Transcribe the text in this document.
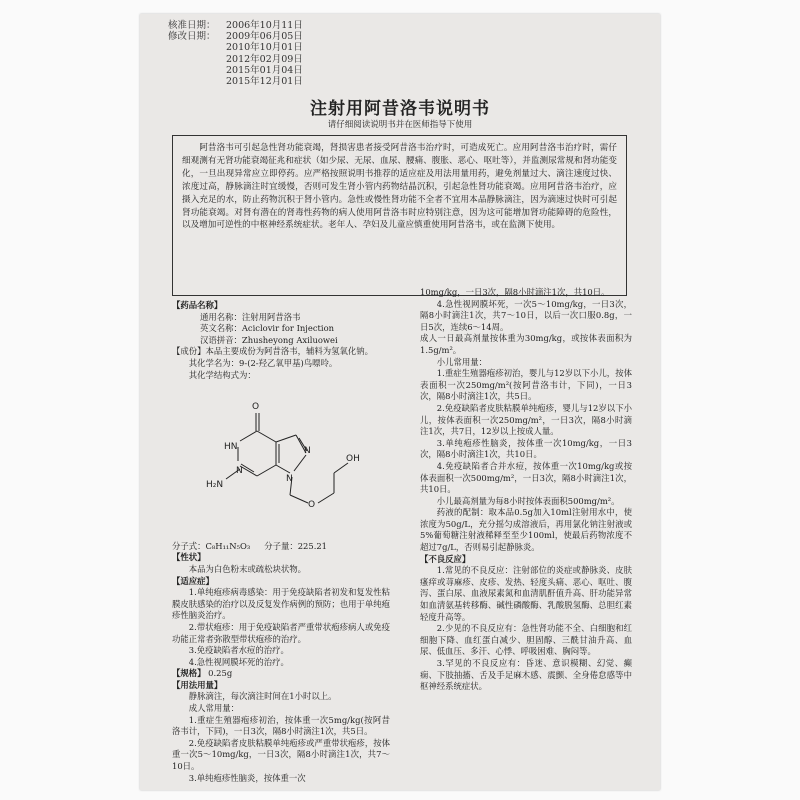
核准日期：	2006年10月11日
修改日期：	2009年06月05日
2010年10月01日
2012年02月09日
2015年01月04日
2015年12月01日
注射用阿昔洛韦说明书
请仔细阅读说明书并在医师指导下使用
阿昔洛韦可引起急性肾功能衰竭，肾损害患者接受阿昔洛韦治疗时，可造成死亡。应用阿昔洛韦治疗时，需仔细观测有无肾功能衰竭征兆和症状（如少尿、无尿、血尿、腰痛、腹胀、恶心、呕吐等），并监测尿常规和肾功能变化，一旦出现异常应立即停药。应严格按照说明书推荐的适应症及用法用量用药，避免剂量过大、滴注速度过快、浓度过高，静脉滴注时宜缓慢，否则可发生肾小管内药物结晶沉积，引起急性肾功能衰竭。应用阿昔洛韦治疗，应摄入充足的水，防止药物沉积于肾小管内。急性或慢性肾功能不全者不宜用本品静脉滴注，因为滴速过快时可引起肾功能衰竭。对肾有潜在的肾毒性药物的病人使用阿昔洛韦时应特别注意，因为这可能增加肾功能障碍的危险性，以及增加可逆性的中枢神经系统症状。老年人、孕妇及儿童应慎重使用阿昔洛韦，或在监测下使用。

【药品名称】

通用名称：注射用阿昔洛韦

英文名称：Aciclovir for Injection

汉语拼音：Zhusheyong Axiluowei

【成份】本品主要成份为阿昔洛韦，辅料为氢氧化钠。

其化学名为：9-(2-羟乙氧甲基)鸟嘌呤。

其化学结构式为：

O
HN
N
H₂N
N
N
O
OH
分子式：C₈H₁₁N₅O₃ 分子量：225.21

【性状】

本品为白色粉末或疏松块状物。

【适应症】

1.单纯疱疹病毒感染：用于免疫缺陷者初发和复发性粘膜皮肤感染的治疗以及反复发作病例的预防；也用于单纯疱疹性脑炎治疗。

2.带状疱疹：用于免疫缺陷者严重带状疱疹病人或免疫功能正常者弥散型带状疱疹的治疗。

3.免疫缺陷者水痘的治疗。

4.急性视网膜坏死的治疗。

【规格】 0.25g

【用法用量】

静脉滴注，每次滴注时间在1小时以上。

成人常用量：

1.重症生殖器疱疹初治，按体重一次5mg/kg(按阿昔洛韦计，下同)，一日3次，隔8小时滴注1次，共5日。

2.免疫缺陷者皮肤粘膜单纯疱疹或严重带状疱疹，按体重一次5～10mg/kg，一日3次，隔8小时滴注1次，共7～10日。

3.单纯疱疹性脑炎，按体重一次

10mg/kg，一日3次，隔8小时滴注1次，共10日。

4.急性视网膜坏死，一次5～10mg/kg，一日3次，隔8小时滴注1次，共7～10日，以后一次口服0.8g，一日5次，连续6～14周。

成人一日最高剂量按体重为30mg/kg，或按体表面积为1.5g/m²。

小儿常用量：

1.重症生殖器疱疹初治，婴儿与12岁以下小儿，按体表面积一次250mg/m²(按阿昔洛韦计，下同)，一日3次，隔8小时滴注1次，共5日。

2.免疫缺陷者皮肤粘膜单纯疱疹，婴儿与12岁以下小儿，按体表面积一次250mg/m²，一日3次，隔8小时滴注1次，共7日，12岁以上按成人量。

3.单纯疱疹性脑炎，按体重一次10mg/kg，一日3次，隔8小时滴注1次，共10日。

4.免疫缺陷者合并水痘，按体重一次10mg/kg或按体表面积一次500mg/m²，一日3次，隔8小时滴注1次，共10日。

小儿最高剂量为每8小时按体表面积500mg/m²。

药液的配制：取本品0.5g加入10ml注射用水中，使浓度为50g/L，充分摇匀成溶液后，再用氯化钠注射液或5%葡萄糖注射液稀释至至少100ml，使最后药物浓度不超过7g/L，否则易引起静脉炎。

【不良反应】

1.常见的不良反应：注射部位的炎症或静脉炎、皮肤瘙痒或荨麻疹、皮疹、发热、轻度头痛、恶心、呕吐、腹泻、蛋白尿、血液尿素氮和血清肌酐值升高、肝功能异常如血清氨基转移酶、碱性磷酸酶、乳酸脱氢酶、总胆红素轻度升高等。

2.少见的不良反应有：急性肾功能不全、白细胞和红细胞下降、血红蛋白减少、胆固醇、三酰甘油升高、血尿、低血压、多汗、心悸、呼吸困难、胸闷等。

3.罕见的不良反应有：昏迷、意识模糊、幻觉、癫痫、下肢抽搐、舌及手足麻木感、震颤、全身倦怠感等中枢神经系统症状。
